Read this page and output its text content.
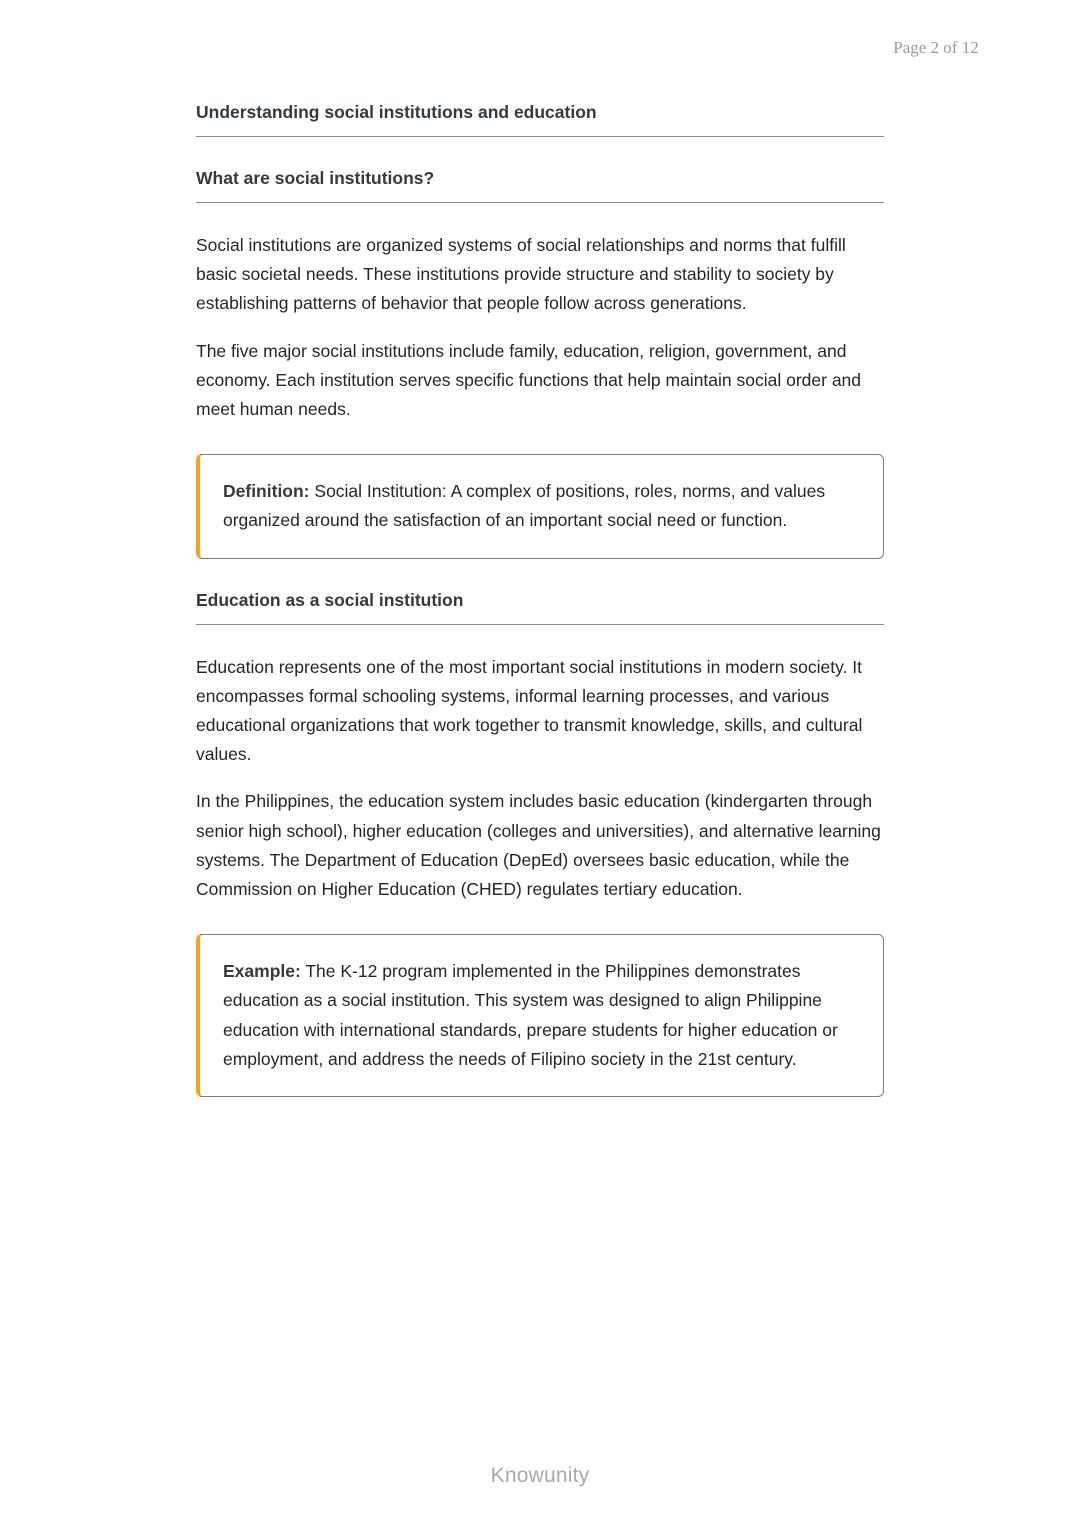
Page 2 of 12
Understanding social institutions and education
What are social institutions?

Social institutions are organized systems of social relationships and norms that fulfill basic societal needs. These institutions provide structure and stability to society by establishing patterns of behavior that people follow across generations.

The five major social institutions include family, education, religion, government, and economy. Each institution serves specific functions that help maintain social order and meet human needs.

Definition: Social Institution: A complex of positions, roles, norms, and values organized around the satisfaction of an important social need or function.
Education as a social institution

Education represents one of the most important social institutions in modern society. It encompasses formal schooling systems, informal learning processes, and various educational organizations that work together to transmit knowledge, skills, and cultural values.

In the Philippines, the education system includes basic education (kindergarten through senior high school), higher education (colleges and universities), and alternative learning systems. The Department of Education (DepEd) oversees basic education, while the Commission on Higher Education (CHED) regulates tertiary education.

Example: The K-12 program implemented in the Philippines demonstrates education as a social institution. This system was designed to align Philippine education with international standards, prepare students for higher education or employment, and address the needs of Filipino society in the 21st century.
Knowunity
